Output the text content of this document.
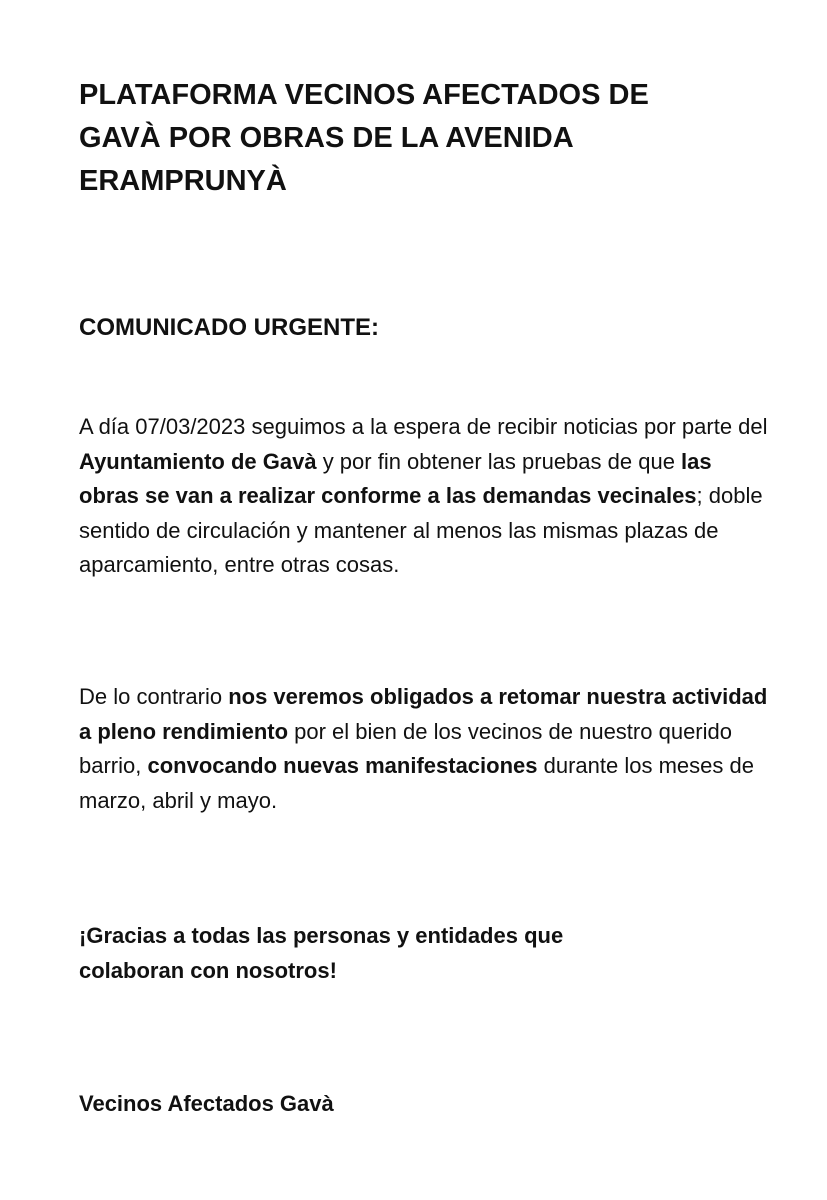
PLATAFORMA VECINOS AFECTADOS DE
GAVÀ POR OBRAS DE LA AVENIDA
ERAMPRUNYÀ
COMUNICADO URGENTE:

A día 07/03/2023 seguimos a la espera de recibir noticias por parte del Ayuntamiento de Gavà y por fin obtener las pruebas de que las obras se van a realizar conforme a las demandas vecinales; doble sentido de circulación y mantener al menos las mismas plazas de aparcamiento, entre otras cosas.

De lo contrario nos veremos obligados a retomar nuestra actividad a pleno rendimiento por el bien de los vecinos de nuestro querido barrio, convocando nuevas manifestaciones durante los meses de marzo, abril y mayo.

¡Gracias a todas las personas y entidades que
colaboran con nosotros!

Vecinos Afectados Gavà
